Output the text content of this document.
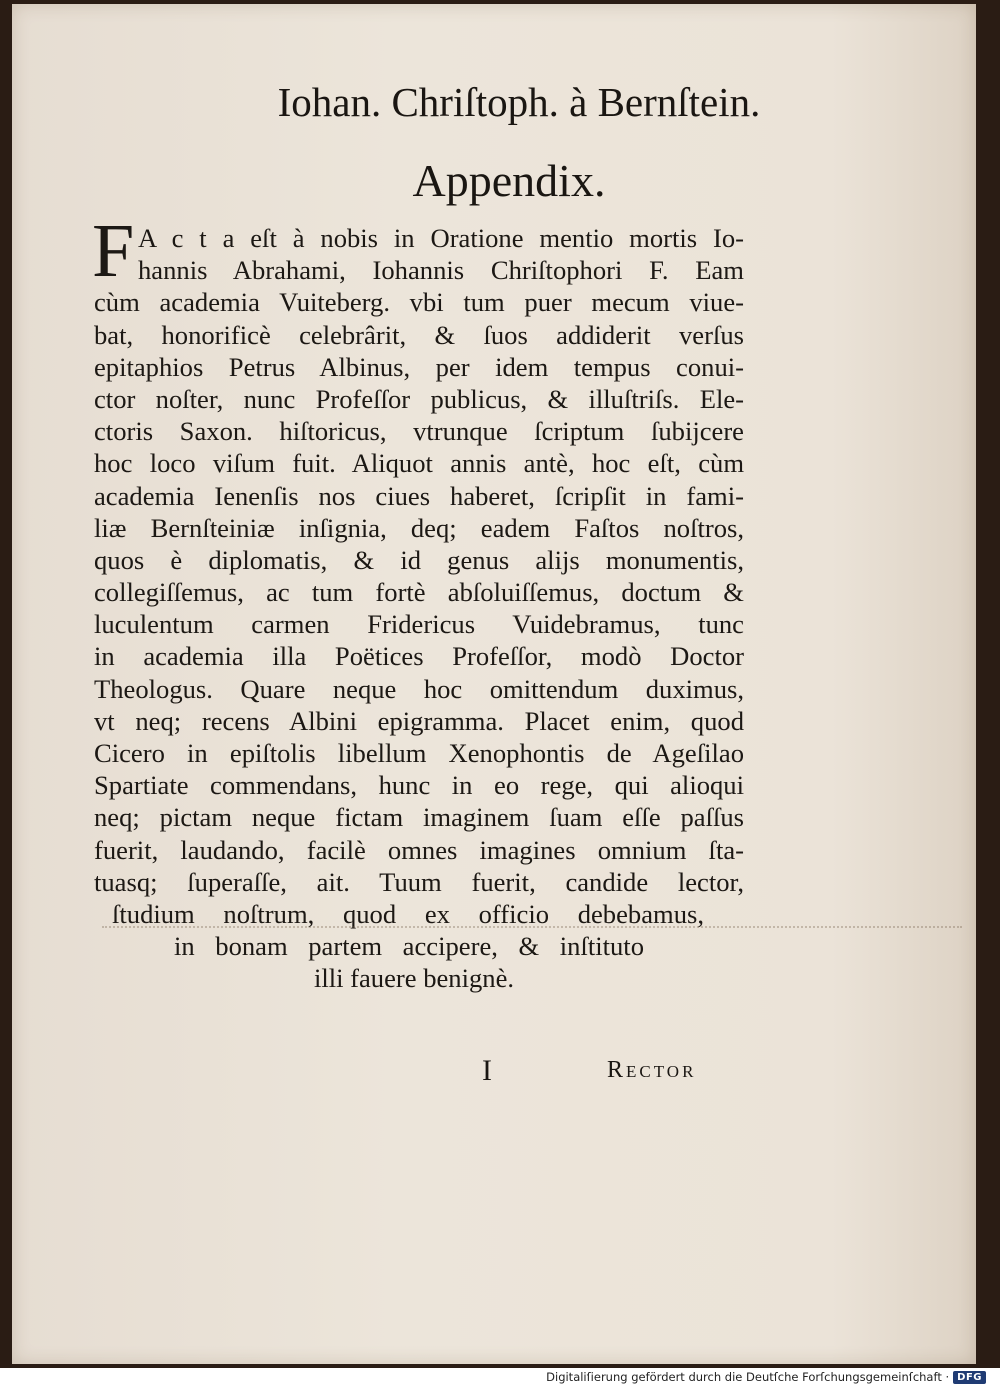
Iohan. Chriſtoph. à Bernſtein.
Appendix.
F A c t a eſt à nobis in Oratione mentio mortis Io-
hannis Abrahami, Iohannis Chriſtophori F. Eam
cùm academia Vuiteberg. vbi tum puer mecum viue-
bat, honorificè celebrârit, & ſuos addiderit verſus
epitaphios Petrus Albinus, per idem tempus conui-
ctor noſter, nunc Profeſſor publicus, & illuſtriſs. Ele-
ctoris Saxon. hiſtoricus, vtrunque ſcriptum ſubijcere
hoc loco viſum fuit. Aliquot annis antè, hoc eſt, cùm
academia Ienenſis nos ciues haberet, ſcripſit in fami-
liæ Bernſteiniæ inſignia, deq; eadem Faſtos noſtros,
quos è diplomatis, & id genus alijs monumentis,
collegiſſemus, ac tum fortè abſoluiſſemus, doctum &
luculentum carmen Fridericus Vuidebramus, tunc
in academia illa Poëtices Profeſſor, modò Doctor
Theologus. Quare neque hoc omittendum duximus,
vt neq; recens Albini epigramma. Placet enim, quod
Cicero in epiſtolis libellum Xenophontis de Ageſilao
Spartiate commendans, hunc in eo rege, qui alioqui
neq; pictam neque fictam imaginem ſuam eſſe paſſus
fuerit, laudando, facilè omnes imagines omnium ſta-
tuasq; ſuperaſſe, ait. Tuum fuerit, candide lector,
ſtudium noſtrum, quod ex officio debebamus,
in bonam partem accipere, & inſtituto
illi fauere benignè.
I	Rector
Digitaliſierung gefördert durch die Deutſche Forſchungsgemeinſchaft · DFG
